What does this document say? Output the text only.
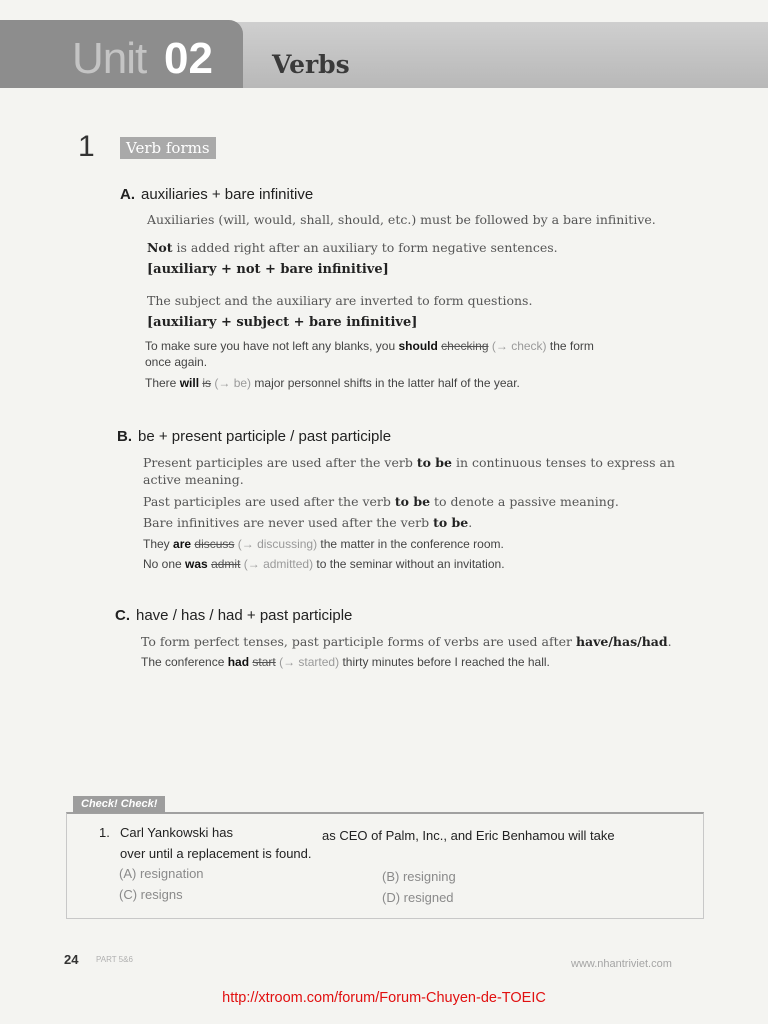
Unit 02 Verbs
1	Verb forms
A. auxiliaries + bare infinitive
Auxiliaries (will, would, shall, should, etc.) must be followed by a bare infinitive.
Not is added right after an auxiliary to form negative sentences.
[auxiliary + not + bare infinitive]
The subject and the auxiliary are inverted to form questions.
[auxiliary + subject + bare infinitive]
To make sure you have not left any blanks, you should checking (→ check) the form
once again.
There will is (→ be) major personnel shifts in the latter half of the year.
B. be + present participle / past participle
Present participles are used after the verb to be in continuous tenses to express an
active meaning.
Past participles are used after the verb to be to denote a passive meaning.
Bare infinitives are never used after the verb to be.
They are discuss (→ discussing) the matter in the conference room.
No one was admit (→ admitted) to the seminar without an invitation.
C. have / has / had + past participle
To form perfect tenses, past participle forms of verbs are used after have/has/had.
The conference had start (→ started) thirty minutes before I reached the hall.
Check! Check!
1. Carl Yankowski has	as CEO of Palm, Inc., and Eric Benhamou will take
over until a replacement is found.
(A) resignation	(B) resigning
(C) resigns	(D) resigned
24 PART 5&6	www.nhantriviet.com
http://xtroom.com/forum/Forum-Chuyen-de-TOEIC
